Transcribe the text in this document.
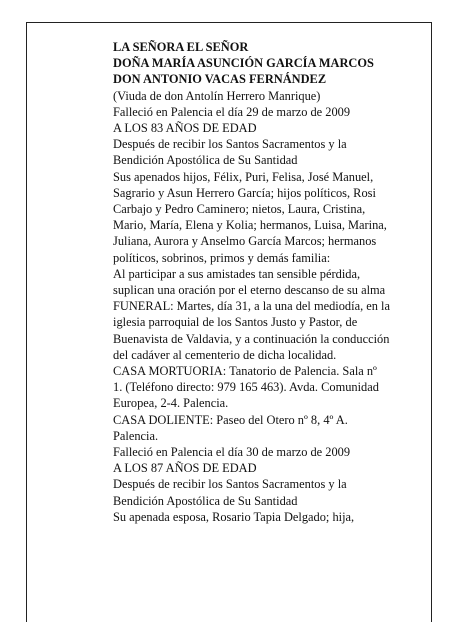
LA SEÑORA EL SEÑOR
DOÑA MARÍA ASUNCIÓN GARCÍA MARCOS
DON ANTONIO VACAS FERNÁNDEZ
(Viuda de don Antolín Herrero Manrique)
Falleció en Palencia el día 29 de marzo de 2009
A LOS 83 AÑOS DE EDAD
Después de recibir los Santos Sacramentos y la
Bendición Apostólica de Su Santidad
Sus apenados hijos, Félix, Puri, Felisa, José Manuel,
Sagrario y Asun Herrero García; hijos políticos, Rosi
Carbajo y Pedro Caminero; nietos, Laura, Cristina,
Mario, María, Elena y Kolia; hermanos, Luisa, Marina,
Juliana, Aurora y Anselmo García Marcos; hermanos
políticos, sobrinos, primos y demás familia:
Al participar a sus amistades tan sensible pérdida,
suplican una oración por el eterno descanso de su alma
FUNERAL: Martes, día 31, a la una del mediodía, en la
iglesia parroquial de los Santos Justo y Pastor, de
Buenavista de Valdavia, y a continuación la conducción
del cadáver al cementerio de dicha localidad.
CASA MORTUORIA: Tanatorio de Palencia. Sala nº
1. (Teléfono directo: 979 165 463). Avda. Comunidad
Europea, 2-4. Palencia.
CASA DOLIENTE: Paseo del Otero nº 8, 4º A.
Palencia.
Falleció en Palencia el día 30 de marzo de 2009
A LOS 87 AÑOS DE EDAD
Después de recibir los Santos Sacramentos y la
Bendición Apostólica de Su Santidad
Su apenada esposa, Rosario Tapia Delgado; hija,
